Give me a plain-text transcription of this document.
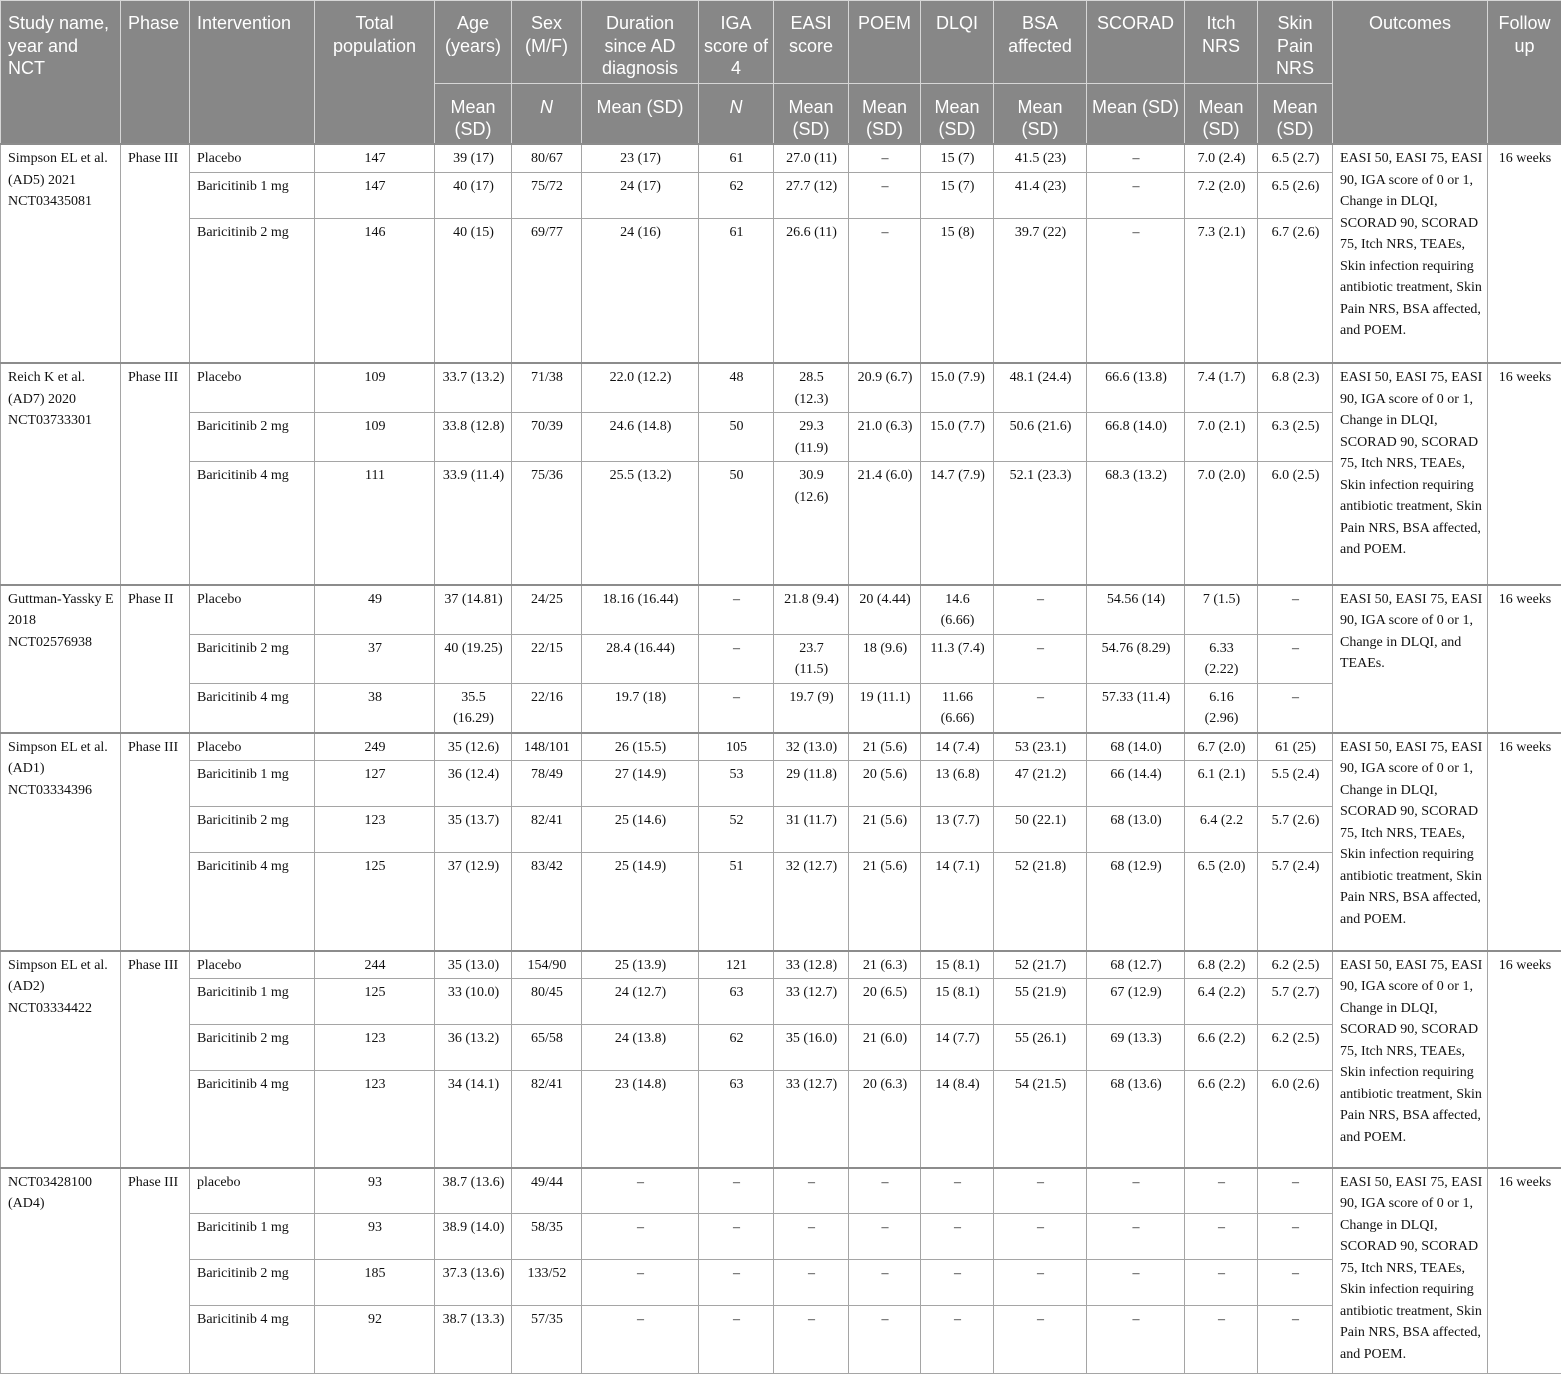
Study name, year and NCT	Phase	Intervention	Total population	Age (years)	Sex (M/F)	Duration since AD diagnosis	IGA score of 4	EASI score	POEM	DLQI	BSA affected	SCORAD	Itch NRS	Skin Pain NRS	Outcomes	Follow up
				Mean (SD)	N	Mean (SD)	N	Mean (SD)	Mean (SD)	Mean (SD)	Mean (SD)	Mean (SD)	Mean (SD)	Mean (SD)		
Simpson EL et al. (AD5) 2021 NCT03435081	Phase III	Placebo	147	39 (17)	80/67	23 (17)	61	27.0 (11)	–	15 (7)	41.5 (23)	–	7.0 (2.4)	6.5 (2.7)	EASI 50, EASI 75, EASI 90, IGA score of 0 or 1, Change in DLQI, SCORAD 90, SCORAD 75, Itch NRS, TEAEs, Skin infection requiring antibiotic treatment, Skin Pain NRS, BSA affected, and POEM.	16 weeks
		Baricitinib 1 mg	147	40 (17)	75/72	24 (17)	62	27.7 (12)	–	15 (7)	41.4 (23)	–	7.2 (2.0)	6.5 (2.6)		
		Baricitinib 2 mg	146	40 (15)	69/77	24 (16)	61	26.6 (11)	–	15 (8)	39.7 (22)	–	7.3 (2.1)	6.7 (2.6)		
Reich K et al. (AD7) 2020 NCT03733301	Phase III	Placebo	109	33.7 (13.2)	71/38	22.0 (12.2)	48	28.5 (12.3)	20.9 (6.7)	15.0 (7.9)	48.1 (24.4)	66.6 (13.8)	7.4 (1.7)	6.8 (2.3)	EASI 50, EASI 75, EASI 90, IGA score of 0 or 1, Change in DLQI, SCORAD 90, SCORAD 75, Itch NRS, TEAEs, Skin infection requiring antibiotic treatment, Skin Pain NRS, BSA affected, and POEM.	16 weeks
		Baricitinib 2 mg	109	33.8 (12.8)	70/39	24.6 (14.8)	50	29.3 (11.9)	21.0 (6.3)	15.0 (7.7)	50.6 (21.6)	66.8 (14.0)	7.0 (2.1)	6.3 (2.5)		
		Baricitinib 4 mg	111	33.9 (11.4)	75/36	25.5 (13.2)	50	30.9 (12.6)	21.4 (6.0)	14.7 (7.9)	52.1 (23.3)	68.3 (13.2)	7.0 (2.0)	6.0 (2.5)		
Guttman-Yassky E 2018 NCT02576938	Phase II	Placebo	49	37 (14.81)	24/25	18.16 (16.44)	–	21.8 (9.4)	20 (4.44)	14.6 (6.66)	–	54.56 (14)	7 (1.5)	–	EASI 50, EASI 75, EASI 90, IGA score of 0 or 1, Change in DLQI, and TEAEs.	16 weeks
		Baricitinib 2 mg	37	40 (19.25)	22/15	28.4 (16.44)	–	23.7 (11.5)	18 (9.6)	11.3 (7.4)	–	54.76 (8.29)	6.33 (2.22)	–		
		Baricitinib 4 mg	38	35.5 (16.29)	22/16	19.7 (18)	–	19.7 (9)	19 (11.1)	11.66 (6.66)	–	57.33 (11.4)	6.16 (2.96)	–		
Simpson EL et al. (AD1) NCT03334396	Phase III	Placebo	249	35 (12.6)	148/101	26 (15.5)	105	32 (13.0)	21 (5.6)	14 (7.4)	53 (23.1)	68 (14.0)	6.7 (2.0)	61 (25)	EASI 50, EASI 75, EASI 90, IGA score of 0 or 1, Change in DLQI, SCORAD 90, SCORAD 75, Itch NRS, TEAEs, Skin infection requiring antibiotic treatment, Skin Pain NRS, BSA affected, and POEM.	16 weeks
		Baricitinib 1 mg	127	36 (12.4)	78/49	27 (14.9)	53	29 (11.8)	20 (5.6)	13 (6.8)	47 (21.2)	66 (14.4)	6.1 (2.1)	5.5 (2.4)		
		Baricitinib 2 mg	123	35 (13.7)	82/41	25 (14.6)	52	31 (11.7)	21 (5.6)	13 (7.7)	50 (22.1)	68 (13.0)	6.4 (2.2	5.7 (2.6)		
		Baricitinib 4 mg	125	37 (12.9)	83/42	25 (14.9)	51	32 (12.7)	21 (5.6)	14 (7.1)	52 (21.8)	68 (12.9)	6.5 (2.0)	5.7 (2.4)		
Simpson EL et al. (AD2) NCT03334422	Phase III	Placebo	244	35 (13.0)	154/90	25 (13.9)	121	33 (12.8)	21 (6.3)	15 (8.1)	52 (21.7)	68 (12.7)	6.8 (2.2)	6.2 (2.5)	EASI 50, EASI 75, EASI 90, IGA score of 0 or 1, Change in DLQI, SCORAD 90, SCORAD 75, Itch NRS, TEAEs, Skin infection requiring antibiotic treatment, Skin Pain NRS, BSA affected, and POEM.	16 weeks
		Baricitinib 1 mg	125	33 (10.0)	80/45	24 (12.7)	63	33 (12.7)	20 (6.5)	15 (8.1)	55 (21.9)	67 (12.9)	6.4 (2.2)	5.7 (2.7)		
		Baricitinib 2 mg	123	36 (13.2)	65/58	24 (13.8)	62	35 (16.0)	21 (6.0)	14 (7.7)	55 (26.1)	69 (13.3)	6.6 (2.2)	6.2 (2.5)		
		Baricitinib 4 mg	123	34 (14.1)	82/41	23 (14.8)	63	33 (12.7)	20 (6.3)	14 (8.4)	54 (21.5)	68 (13.6)	6.6 (2.2)	6.0 (2.6)		
NCT03428100 (AD4)	Phase III	placebo	93	38.7 (13.6)	49/44	–	–	–	–	–	–	–	–	–	EASI 50, EASI 75, EASI 90, IGA score of 0 or 1, Change in DLQI, SCORAD 90, SCORAD 75, Itch NRS, TEAEs, Skin infection requiring antibiotic treatment, Skin Pain NRS, BSA affected, and POEM.	16 weeks
		Baricitinib 1 mg	93	38.9 (14.0)	58/35	–	–	–	–	–	–	–	–	–		
		Baricitinib 2 mg	185	37.3 (13.6)	133/52	–	–	–	–	–	–	–	–	–		
		Baricitinib 4 mg	92	38.7 (13.3)	57/35	–	–	–	–	–	–	–	–	–		
